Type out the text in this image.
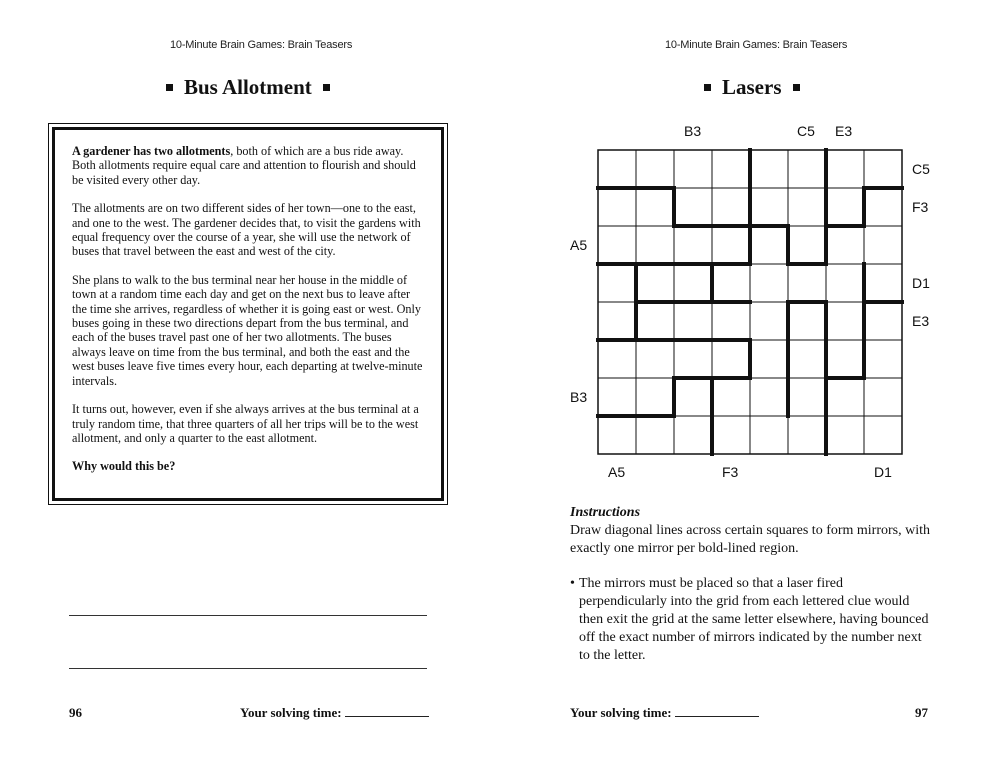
10-Minute Brain Games: Brain Teasers
Bus Allotment

A gardener has two allotments, both of which are a bus ride away. Both allotments require equal care and attention to flourish and should be visited every other day.

The allotments are on two different sides of her town—one to the east, and one to the west. The gardener decides that, to visit the gardens with equal frequency over the course of a year, she will use the network of buses that travel between the east and west of the city.

She plans to walk to the bus terminal near her house in the middle of town at a random time each day and get on the next bus to leave after the time she arrives, regardless of whether it is going east or west. Only buses going in these two directions depart from the bus terminal, and each of the buses travel past one of her two allotments. The buses always leave on time from the bus terminal, and both the east and the west buses leave five times every hour, each departing at twelve-minute intervals.

It turns out, however, even if she always arrives at the bus terminal at a truly random time, that three quarters of all her trips will be to the west allotment, and only a quarter to the east allotment.

Why would this be?

96	Your solving time:
10-Minute Brain Games: Brain Teasers
Lasers
B3	C5 E3
C5
F3
D1
E3
A5
B3
A5	F3	D1
Instructions
Draw diagonal lines across certain squares to form mirrors, with exactly one mirror per bold-lined region.
• The mirrors must be placed so that a laser fired perpendicularly into the grid from each lettered clue would then exit the grid at the same letter elsewhere, having bounced off the exact number of mirrors indicated by the number next to the letter.
Your solving time:	97
